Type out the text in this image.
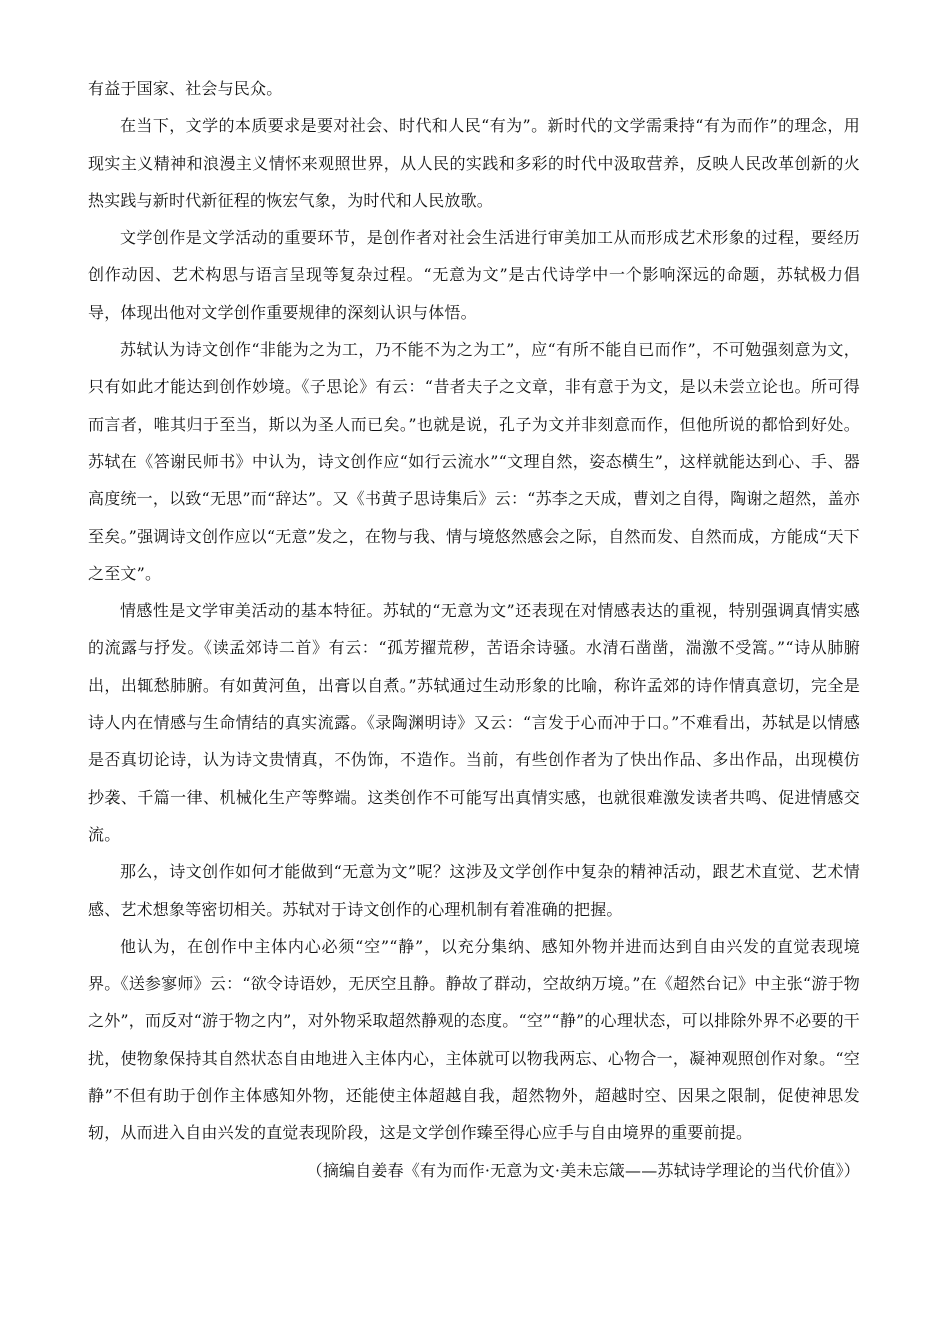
有益于国家、社会与民众。

在当下，文学的本质要求是要对社会、时代和人民“有为”。新时代的文学需秉持“有为而作”的理念，用现实主义精神和浪漫主义情怀来观照世界，从人民的实践和多彩的时代中汲取营养，反映人民改革创新的火热实践与新时代新征程的恢宏气象，为时代和人民放歌。

文学创作是文学活动的重要环节，是创作者对社会生活进行审美加工从而形成艺术形象的过程，要经历创作动因、艺术构思与语言呈现等复杂过程。“无意为文”是古代诗学中一个影响深远的命题，苏轼极力倡导，体现出他对文学创作重要规律的深刻认识与体悟。

苏轼认为诗文创作“非能为之为工，乃不能不为之为工”，应“有所不能自已而作”，不可勉强刻意为文，只有如此才能达到创作妙境。《子思论》有云：“昔者夫子之文章，非有意于为文，是以未尝立论也。所可得而言者，唯其归于至当，斯以为圣人而已矣。”也就是说，孔子为文并非刻意而作，但他所说的都恰到好处。苏轼在《答谢民师书》中认为，诗文创作应“如行云流水”“文理自然，姿态横生”，这样就能达到心、手、器高度统一，以致“无思”而“辞达”。又《书黄子思诗集后》云：“苏李之天成，曹刘之自得，陶谢之超然，盖亦至矣。”强调诗文创作应以“无意”发之，在物与我、情与境悠然感会之际，自然而发、自然而成，方能成“天下之至文”。

情感性是文学审美活动的基本特征。苏轼的“无意为文”还表现在对情感表达的重视，特别强调真情实感的流露与抒发。《读孟郊诗二首》有云：“孤芳擢荒秽，苦语余诗骚。水清石凿凿，湍激不受篙。”“诗从肺腑出，出辄愁肺腑。有如黄河鱼，出膏以自煮。”苏轼通过生动形象的比喻，称许孟郊的诗作情真意切，完全是诗人内在情感与生命情结的真实流露。《录陶渊明诗》又云：“言发于心而冲于口。”不难看出，苏轼是以情感是否真切论诗，认为诗文贵情真，不伪饰，不造作。当前，有些创作者为了快出作品、多出作品，出现模仿抄袭、千篇一律、机械化生产等弊端。这类创作不可能写出真情实感，也就很难激发读者共鸣、促进情感交流。

那么，诗文创作如何才能做到“无意为文”呢？这涉及文学创作中复杂的精神活动，跟艺术直觉、艺术情感、艺术想象等密切相关。苏轼对于诗文创作的心理机制有着准确的把握。

他认为，在创作中主体内心必须“空”“静”，以充分集纳、感知外物并进而达到自由兴发的直觉表现境界。《送参寥师》云：“欲令诗语妙，无厌空且静。静故了群动，空故纳万境。”在《超然台记》中主张“游于物之外”，而反对“游于物之内”，对外物采取超然静观的态度。“空”“静”的心理状态，可以排除外界不必要的干扰，使物象保持其自然状态自由地进入主体内心，主体就可以物我两忘、心物合一，凝神观照创作对象。“空静”不但有助于创作主体感知外物，还能使主体超越自我，超然物外，超越时空、因果之限制，促使神思发轫，从而进入自由兴发的直觉表现阶段，这是文学创作臻至得心应手与自由境界的重要前提。

（摘编自姜春《有为而作·无意为文·美未忘箴——苏轼诗学理论的当代价值》）
